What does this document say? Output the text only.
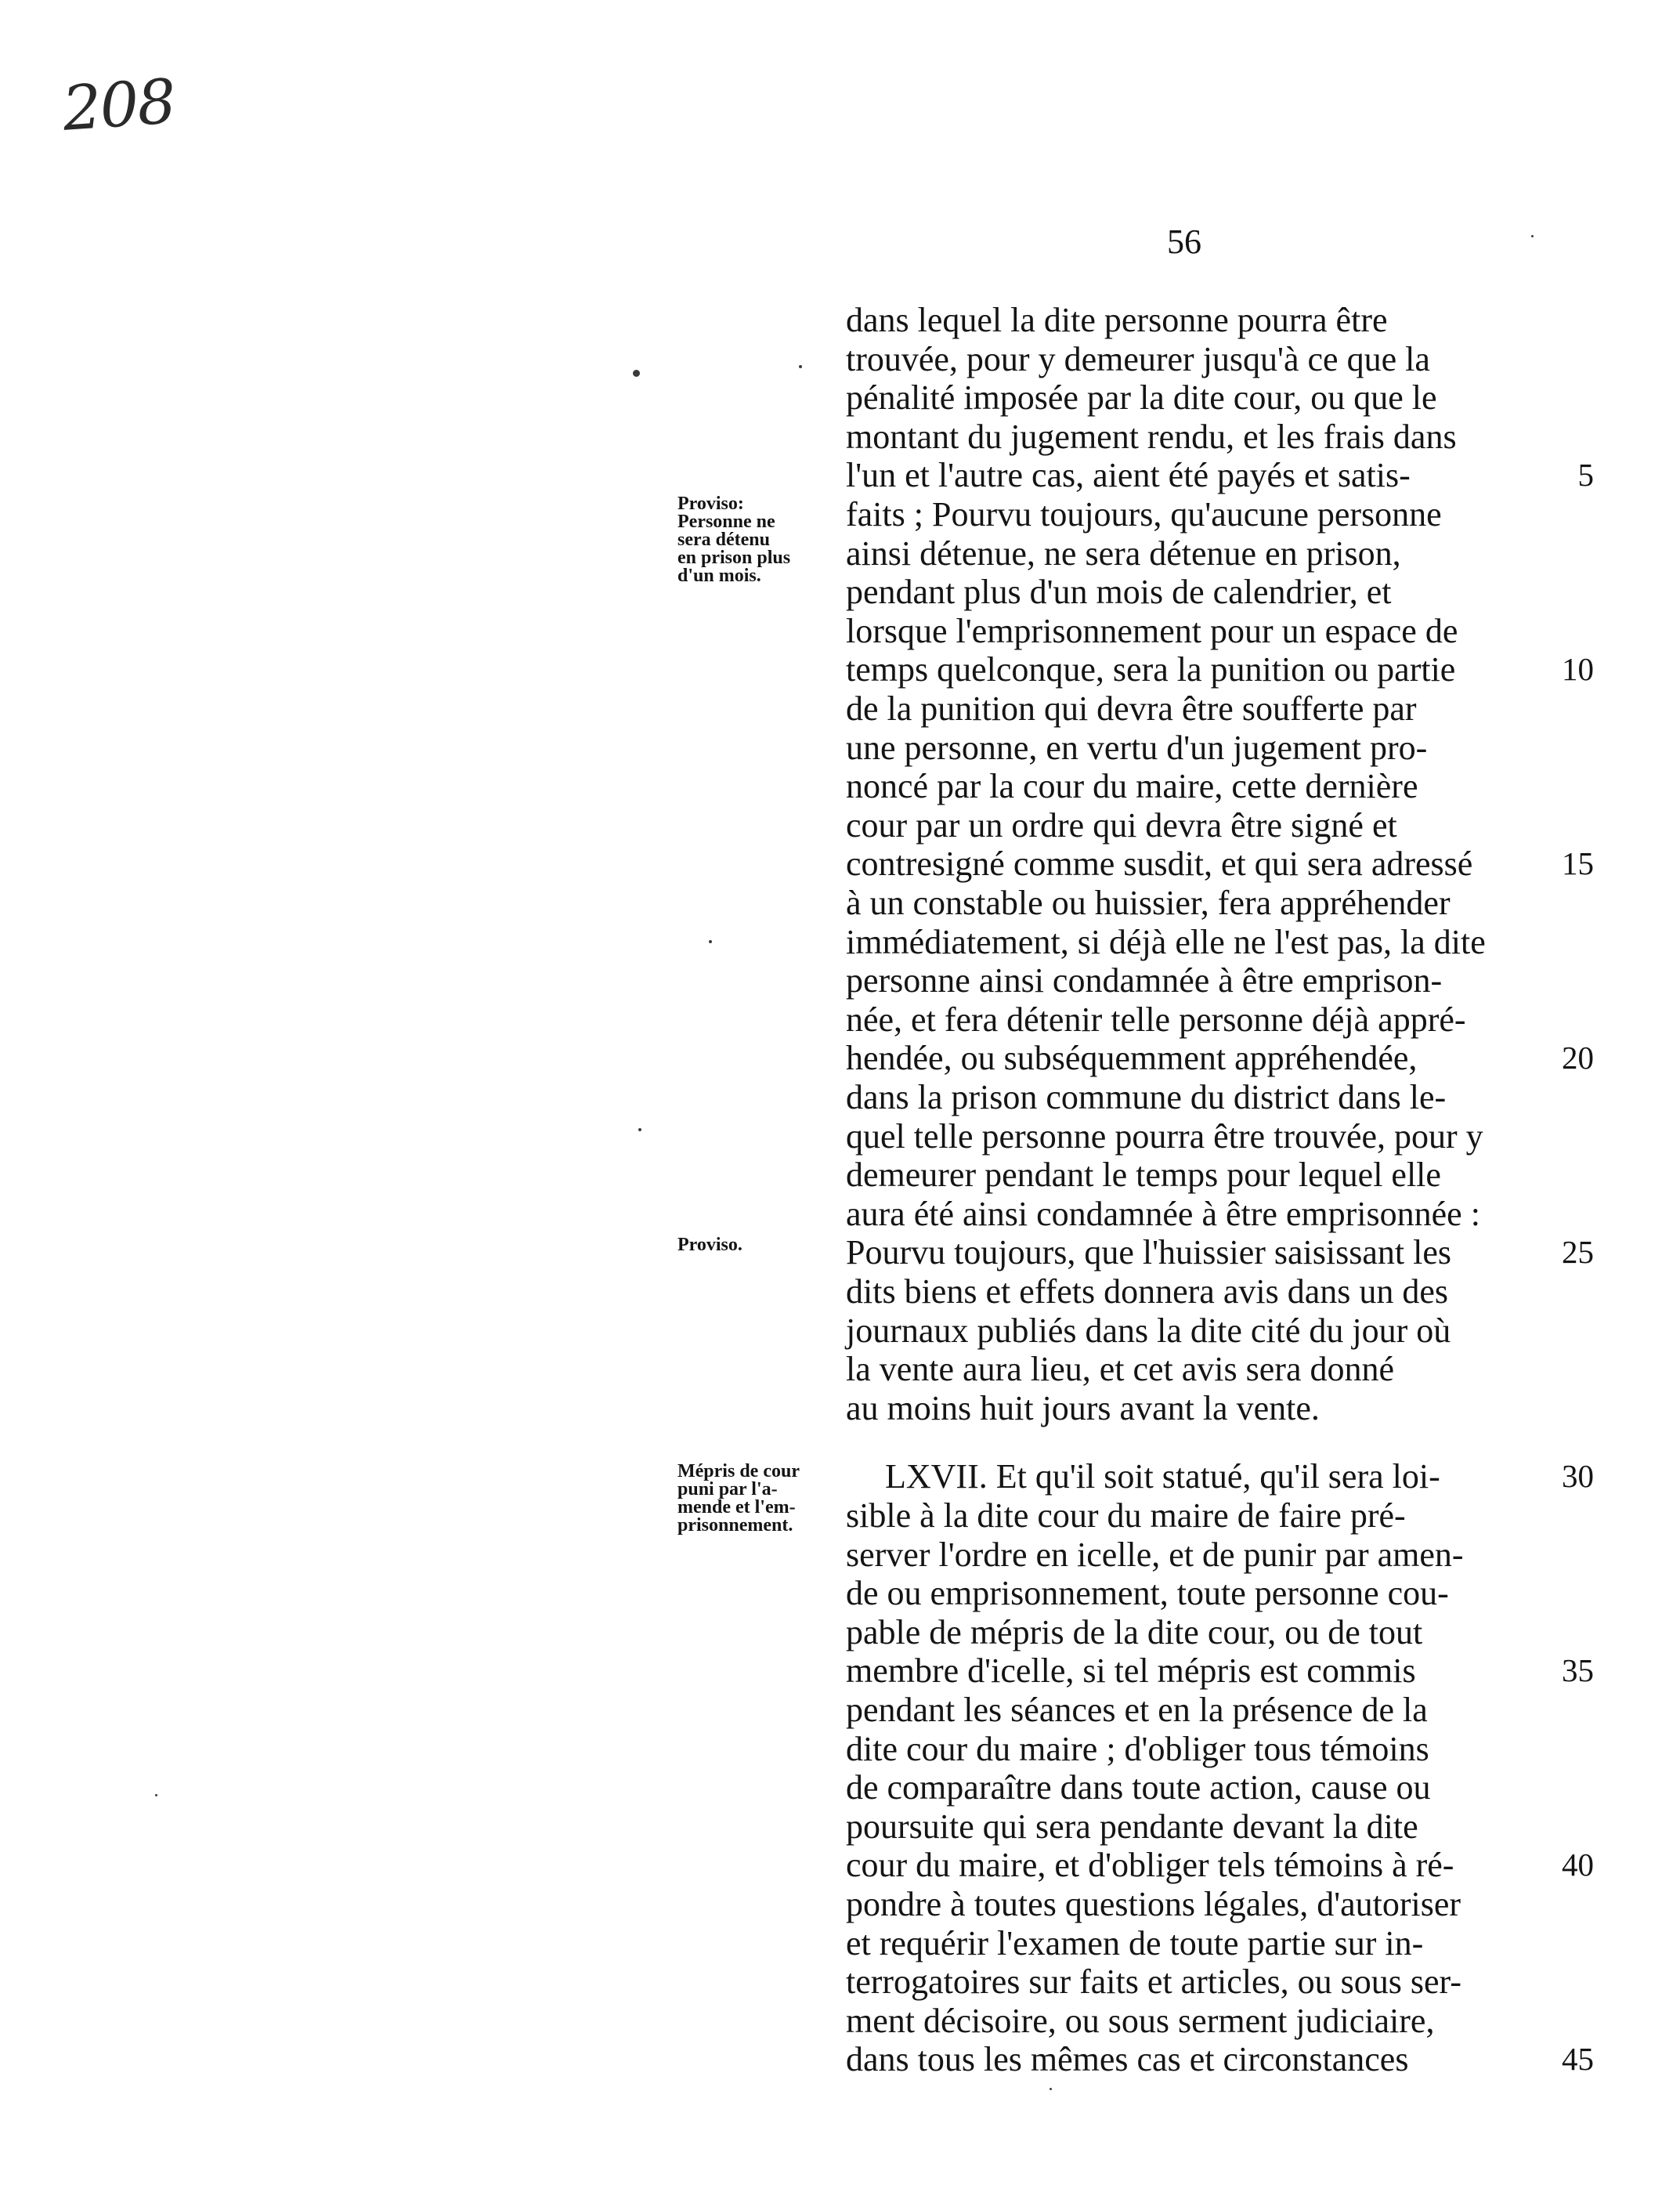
208
56
dans lequel la dite personne pourra être
trouvée, pour y demeurer jusqu'à ce que la
pénalité imposée par la dite cour, ou que le
montant du jugement rendu, et les frais dans
l'un et l'autre cas, aient été payés et satis-	5
faits ; Pourvu toujours, qu'aucune personne
ainsi détenue, ne sera détenue en prison,
pendant plus d'un mois de calendrier, et
lorsque l'emprisonnement pour un espace de
temps quelconque, sera la punition ou partie	10
de la punition qui devra être soufferte par
une personne, en vertu d'un jugement pro-
noncé par la cour du maire, cette dernière
cour par un ordre qui devra être signé et
contresigné comme susdit, et qui sera adressé	15
à un constable ou huissier, fera appréhender
immédiatement, si déjà elle ne l'est pas, la dite
personne ainsi condamnée à être emprison-
née, et fera détenir telle personne déjà appré-
hendée, ou subséquemment appréhendée,	20
dans la prison commune du district dans le-
quel telle personne pourra être trouvée, pour y
demeurer pendant le temps pour lequel elle
aura été ainsi condamnée à être emprisonnée :
Pourvu toujours, que l'huissier saisissant les	25
dits biens et effets donnera avis dans un des
journaux publiés dans la dite cité du jour où
la vente aura lieu, et cet avis sera donné
au moins huit jours avant la vente.
LXVII. Et qu'il soit statué, qu'il sera loi-	30
sible à la dite cour du maire de faire pré-
server l'ordre en icelle, et de punir par amen-
de ou emprisonnement, toute personne cou-
pable de mépris de la dite cour, ou de tout
membre d'icelle, si tel mépris est commis	35
pendant les séances et en la présence de la
dite cour du maire ; d'obliger tous témoins
de comparaître dans toute action, cause ou
poursuite qui sera pendante devant la dite
cour du maire, et d'obliger tels témoins à ré-	40
pondre à toutes questions légales, d'autoriser
et requérir l'examen de toute partie sur in-
terrogatoires sur faits et articles, ou sous ser-
ment décisoire, ou sous serment judiciaire,
dans tous les mêmes cas et circonstances	45
Proviso:
Personne ne
sera détenu
en prison plus
d'un mois.
Proviso.
Mépris de cour
puni par l'a-
mende et l'em-
prisonnement.
